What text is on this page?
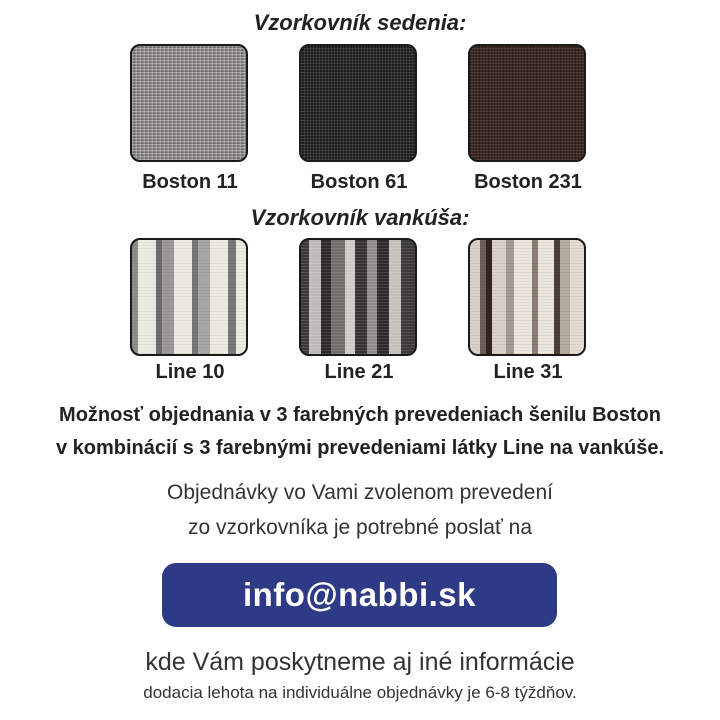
Vzorkovník sedenia:
Boston 11	Boston 61	Boston 231
Vzorkovník vankúša:
Line 10	Line 21	Line 31
Možnosť objednania v 3 farebných prevedeniach šenilu Boston
v kombinácií s 3 farebnými prevedeniami látky Line na vankúše.
Objednávky vo Vami zvolenom prevedení
zo vzorkovníka je potrebné poslať na
info@nabbi.sk
kde Vám poskytneme aj iné informácie
dodacia lehota na individuálne objednávky je 6-8 týždňov.
